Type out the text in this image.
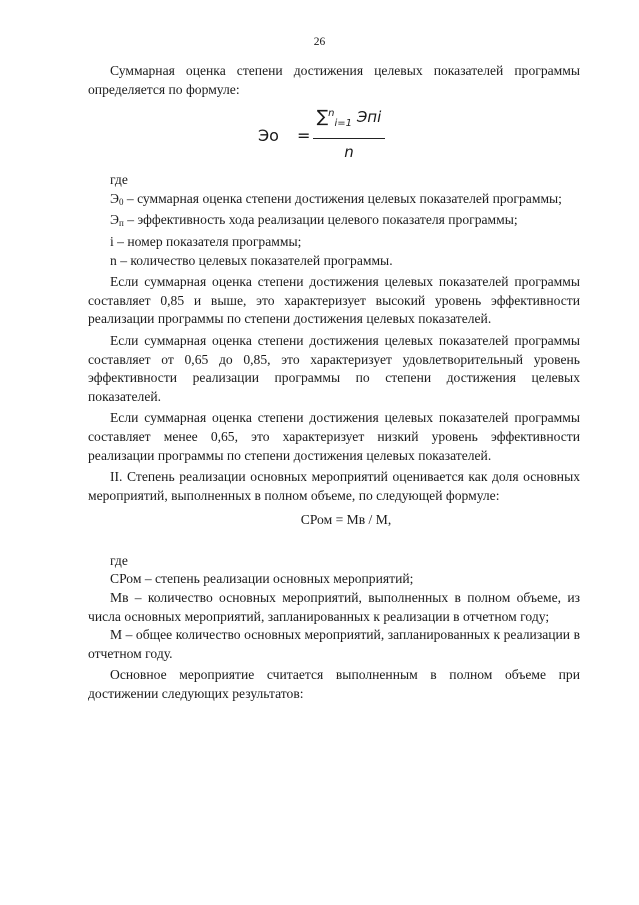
26

Суммарная оценка степени достижения целевых показателей программы определяется по формуле:

Эо =
∑$^n_{i=1}$ Эпi
n

где

Э0 – суммарная оценка степени достижения целевых показателей программы;

Эп – эффективность хода реализации целевого показателя программы;

i – номер показателя программы;

n – количество целевых показателей программы.

Если суммарная оценка степени достижения целевых показателей программы составляет 0,85 и выше, это характеризует высокий уровень эффективности реализации программы по степени достижения целевых показателей.

Если суммарная оценка степени достижения целевых показателей программы составляет от 0,65 до 0,85, это характеризует удовлетворительный уровень эффективности реализации программы по степени достижения целевых показателей.

Если суммарная оценка степени достижения целевых показателей программы составляет менее 0,65, это характеризует низкий уровень эффективности реализации программы по степени достижения целевых показателей.

II. Степень реализации основных мероприятий оценивается как доля основных мероприятий, выполненных в полном объеме, по следующей формуле:

СРом = Мв / М,

где

СРом – степень реализации основных мероприятий;

Мв – количество основных мероприятий, выполненных в полном объеме, из числа основных мероприятий, запланированных к реализации в отчетном году;

М – общее количество основных мероприятий, запланированных к реализации в отчетном году.

Основное мероприятие считается выполненным в полном объеме при достижении следующих результатов:
